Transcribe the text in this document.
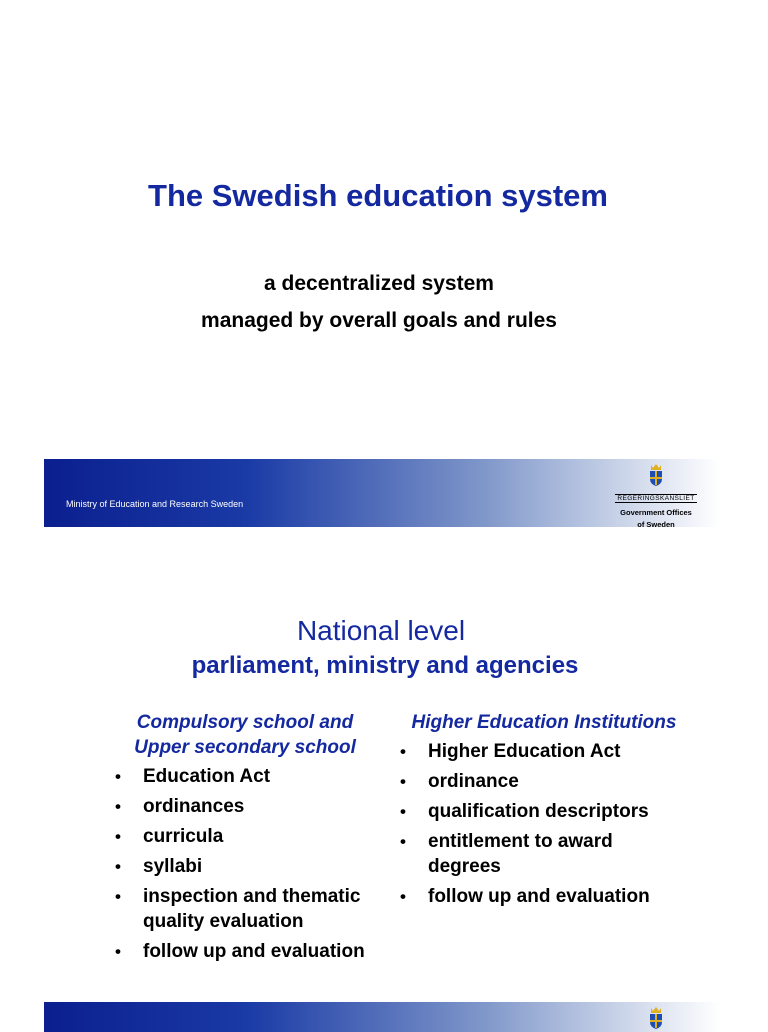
The Swedish education system
a decentralized system
managed by overall goals and rules
Ministry of Education and Research Sweden
REGERINGSKANSLIET
Government Offices
of Sweden
National level
parliament, ministry and agencies
Compulsory school and Upper secondary school
• Education Act
• ordinances
• curricula
• syllabi
• inspection and thematic quality evaluation
• follow up and evaluation
Higher Education Institutions
• Higher Education Act
• ordinance
• qualification descriptors
• entitlement to award degrees
• follow up and evaluation
